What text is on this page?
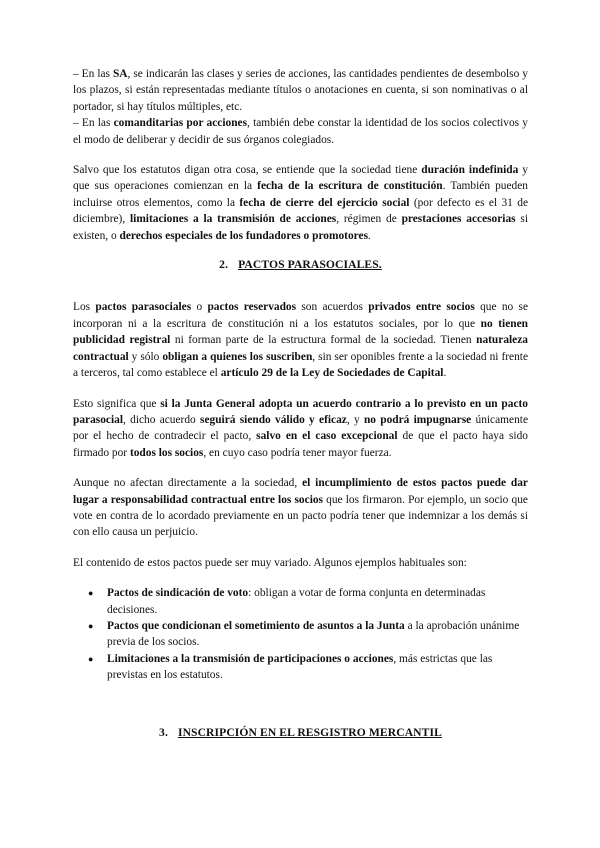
– En las SA, se indicarán las clases y series de acciones, las cantidades pendientes de desembolso y los plazos, si están representadas mediante títulos o anotaciones en cuenta, si son nominativas o al portador, si hay títulos múltiples, etc.

– En las comanditarias por acciones, también debe constar la identidad de los socios colectivos y el modo de deliberar y decidir de sus órganos colegiados.

Salvo que los estatutos digan otra cosa, se entiende que la sociedad tiene duración indefinida y que sus operaciones comienzan en la fecha de la escritura de constitución. También pueden incluirse otros elementos, como la fecha de cierre del ejercicio social (por defecto es el 31 de diciembre), limitaciones a la transmisión de acciones, régimen de prestaciones accesorias si existen, o derechos especiales de los fundadores o promotores.

2. PACTOS PARASOCIALES.

Los pactos parasociales o pactos reservados son acuerdos privados entre socios que no se incorporan ni a la escritura de constitución ni a los estatutos sociales, por lo que no tienen publicidad registral ni forman parte de la estructura formal de la sociedad. Tienen naturaleza contractual y sólo obligan a quienes los suscriben, sin ser oponibles frente a la sociedad ni frente a terceros, tal como establece el artículo 29 de la Ley de Sociedades de Capital.

Esto significa que si la Junta General adopta un acuerdo contrario a lo previsto en un pacto parasocial, dicho acuerdo seguirá siendo válido y eficaz, y no podrá impugnarse únicamente por el hecho de contradecir el pacto, salvo en el caso excepcional de que el pacto haya sido firmado por todos los socios, en cuyo caso podría tener mayor fuerza.

Aunque no afectan directamente a la sociedad, el incumplimiento de estos pactos puede dar lugar a responsabilidad contractual entre los socios que los firmaron. Por ejemplo, un socio que vote en contra de lo acordado previamente en un pacto podría tener que indemnizar a los demás si con ello causa un perjuicio.

El contenido de estos pactos puede ser muy variado. Algunos ejemplos habituales son:

● Pactos de sindicación de voto: obligan a votar de forma conjunta en determinadas decisiones.
● Pactos que condicionan el sometimiento de asuntos a la Junta a la aprobación unánime previa de los socios.
● Limitaciones a la transmisión de participaciones o acciones, más estrictas que las previstas en los estatutos.
3. INSCRIPCIÓN EN EL RESGISTRO MERCANTIL
